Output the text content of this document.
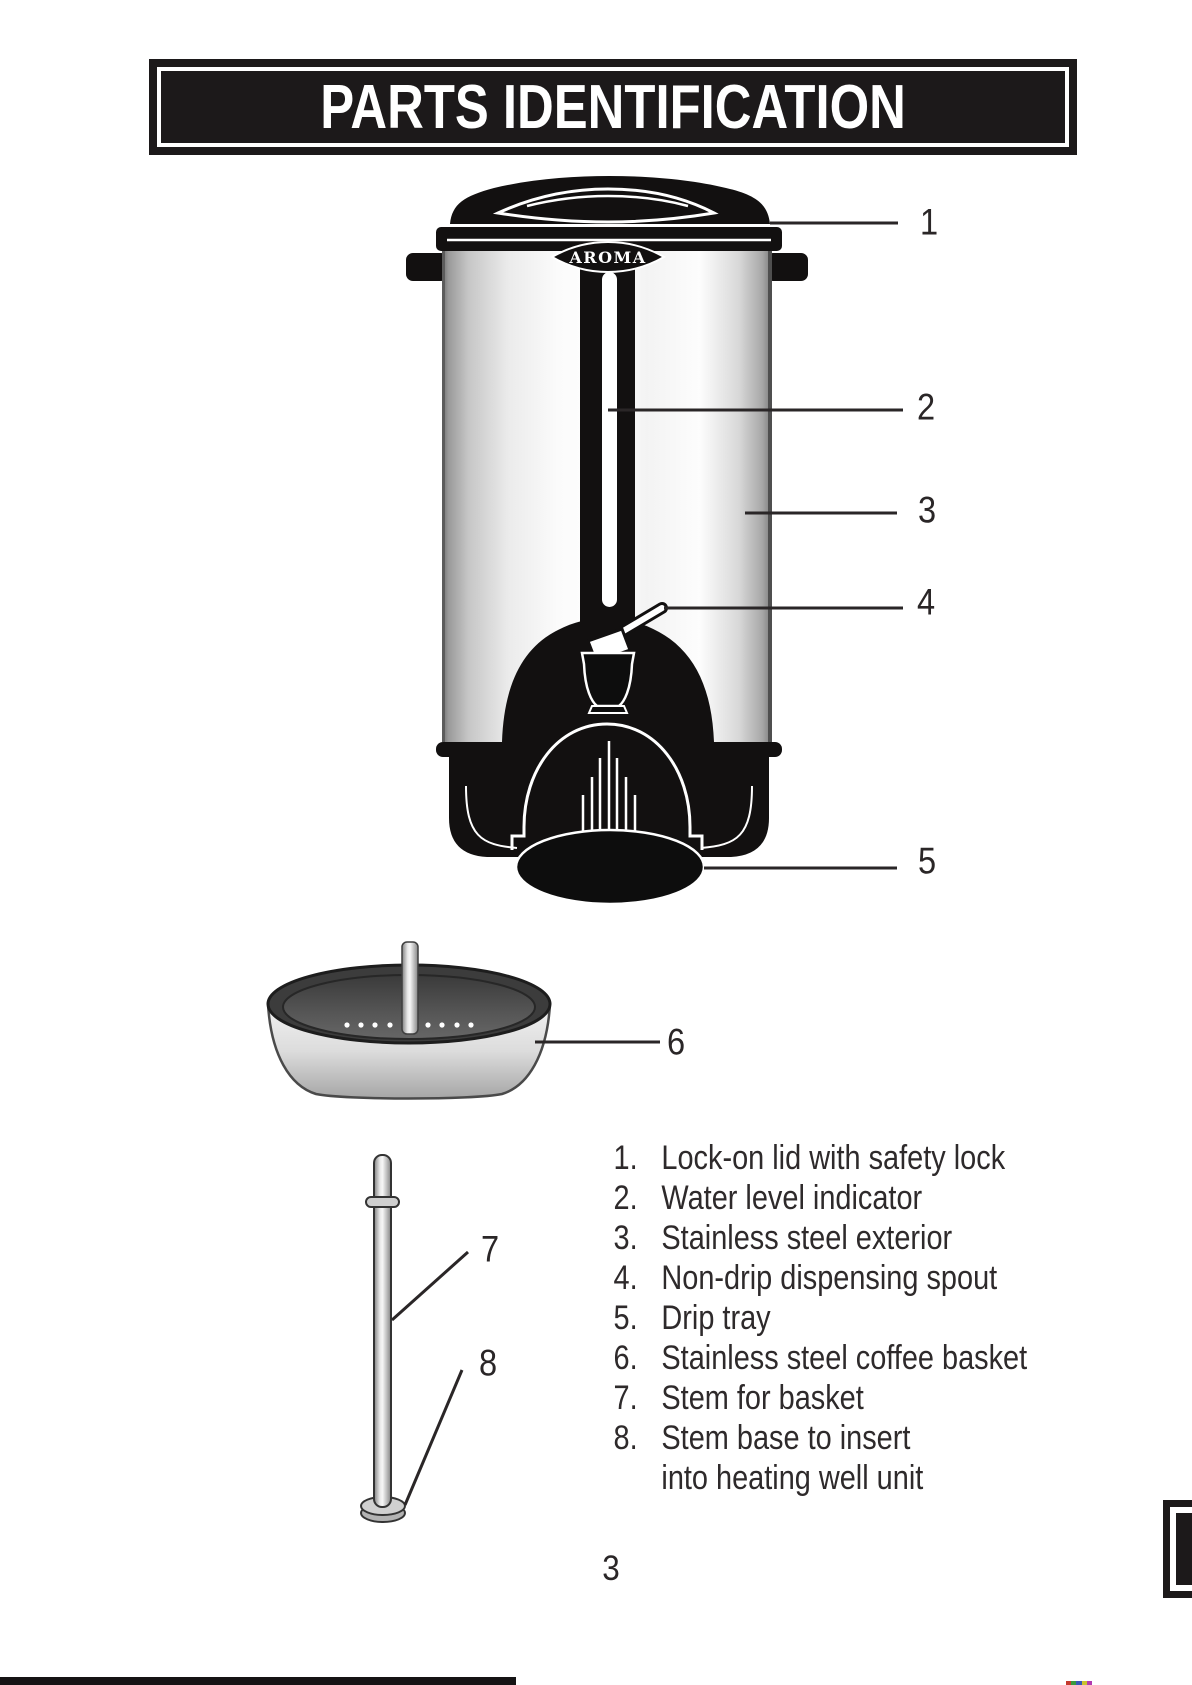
PARTS IDENTIFICATION
AROMA
1
2
3
4
5
6
7
8
1. Lock-on lid with safety lock
2. Water level indicator
3. Stainless steel exterior
4. Non-drip dispensing spout
5. Drip tray
6. Stainless steel coffee basket
7. Stem for basket
8. Stem base to insert
into heating well unit
3
